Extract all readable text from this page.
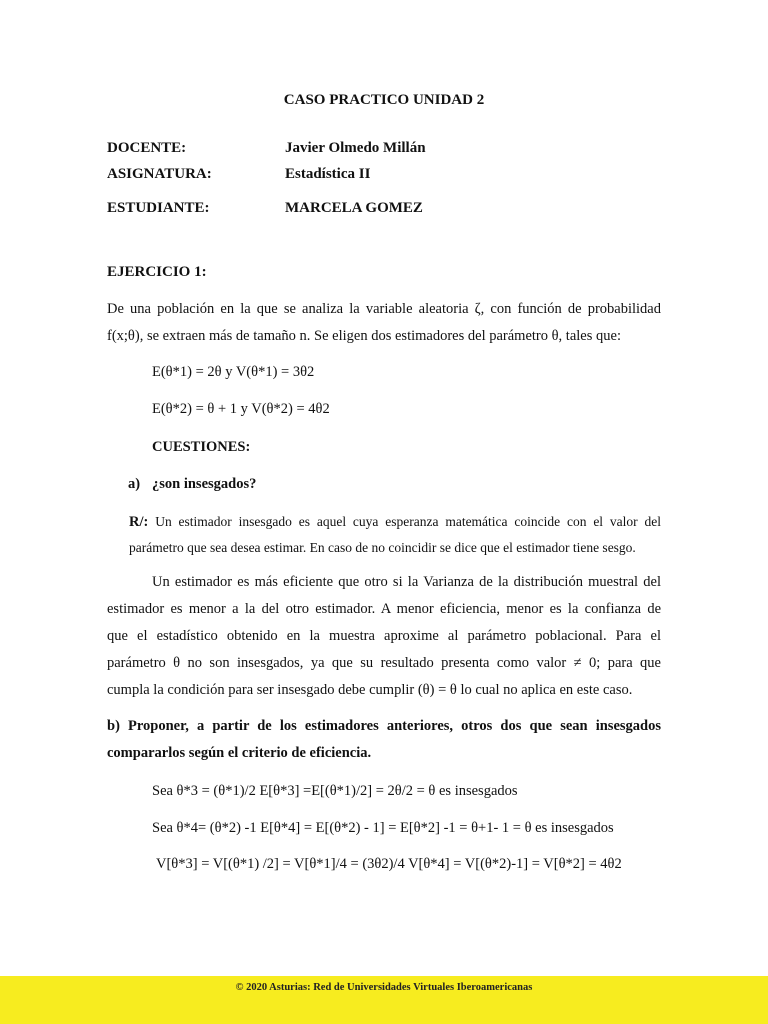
CASO PRACTICO UNIDAD 2
DOCENTE:	Javier Olmedo Millán
ASIGNATURA:	Estadística II
ESTUDIANTE:	MARCELA GOMEZ
EJERCICIO 1:
De una población en la que se analiza la variable aleatoria ζ, con función de probabilidad
f(x;θ), se extraen más de tamaño n. Se eligen dos estimadores del parámetro θ, tales que:
E(θ*1) = 2θ y V(θ*1) = 3θ2
E(θ*2) = θ + 1 y V(θ*2) = 4θ2
CUESTIONES:
a) ¿son insesgados?
R/: Un estimador insesgado es aquel cuya esperanza matemática coincide con el valor del
parámetro que sea desea estimar. En caso de no coincidir se dice que el estimador tiene sesgo.
Un estimador es más eficiente que otro si la Varianza de la distribución muestral del
estimador es menor a la del otro estimador. A menor eficiencia, menor es la confianza de
que el estadístico obtenido en la muestra aproxime al parámetro poblacional. Para el
parámetro θ no son insesgados, ya que su resultado presenta como valor ≠ 0; para que
cumpla la condición para ser insesgado debe cumplir (θ) = θ lo cual no aplica en este caso.
b) Proponer, a partir de los estimadores anteriores, otros dos que sean insesgados
compararlos según el criterio de eficiencia.
Sea θ*3 = (θ*1)/2 E[θ*3] =E[(θ*1)/2] = 2θ/2 = θ es insesgados
Sea θ*4= (θ*2) -1 E[θ*4] = E[(θ*2) - 1] = E[θ*2] -1 = θ+1- 1 = θ es insesgados
V[θ*3] = V[(θ*1) /2] = V[θ*1]/4 = (3θ2)/4 V[θ*4] = V[(θ*2)-1] = V[θ*2] = 4θ2
© 2020 Asturias: Red de Universidades Virtuales Iberoamericanas
